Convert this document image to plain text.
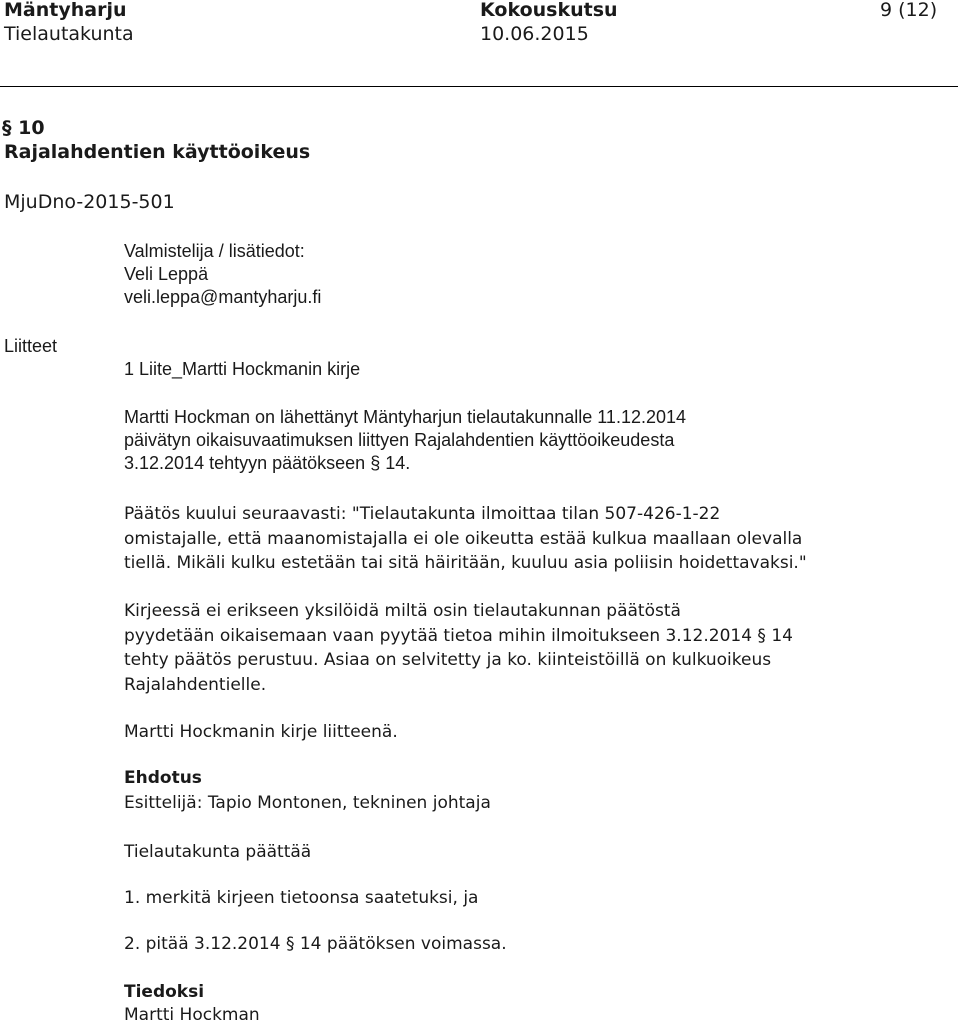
Mäntyharju
Tielautakunta
Kokouskutsu
10.06.2015
9 (12)
§ 10
Rajalahdentien käyttöoikeus
MjuDno-2015-501
Valmistelija / lisätiedot:
Veli Leppä
veli.leppa@mantyharju.fi
Liitteet
1 Liite_Martti Hockmanin kirje

Martti Hockman on lähettänyt Mäntyharjun tielautakunnalle 11.12.2014

päivätyn oikaisuvaatimuksen liittyen Rajalahdentien käyttöoikeudesta

3.12.2014 tehtyyn päätökseen § 14.

Päätös kuului seuraavasti: "Tielautakunta ilmoittaa tilan 507-426-1-22

omistajalle, että maanomistajalla ei ole oikeutta estää kulkua maallaan olevalla

tiellä. Mikäli kulku estetään tai sitä häiritään, kuuluu asia poliisin hoidettavaksi."

Kirjeessä ei erikseen yksilöidä miltä osin tielautakunnan päätöstä

pyydetään oikaisemaan vaan pyytää tietoa mihin ilmoitukseen 3.12.2014 § 14

tehty päätös perustuu. Asiaa on selvitetty ja ko. kiinteistöillä on kulkuoikeus

Rajalahdentielle.

Martti Hockmanin kirje liitteenä.
Ehdotus
Esittelijä: Tapio Montonen, tekninen johtaja
Tielautakunta päättää
1. merkitä kirjeen tietoonsa saatetuksi, ja
2. pitää 3.12.2014 § 14 päätöksen voimassa.
Tiedoksi
Martti Hockman
